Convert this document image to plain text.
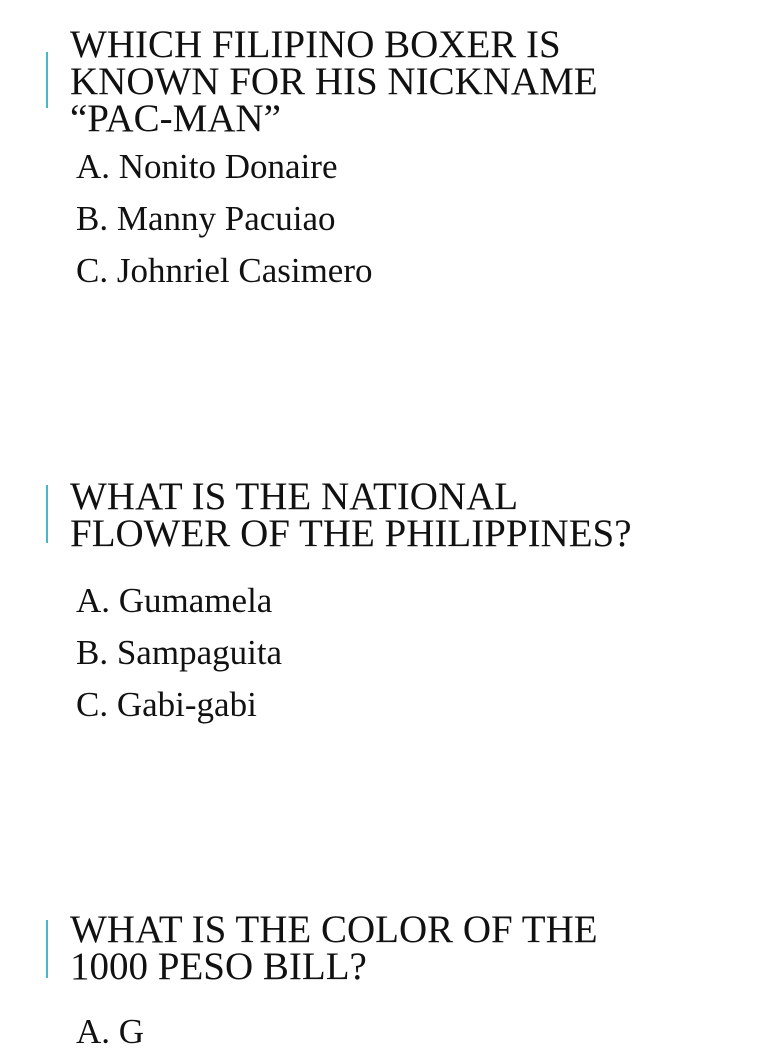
WHICH FILIPINO BOXER IS
KNOWN FOR HIS NICKNAME
“PAC-MAN”
A. Nonito Donaire
B. Manny Pacuiao
C. Johnriel Casimero
WHAT IS THE NATIONAL
FLOWER OF THE PHILIPPINES?
A. Gumamela
B. Sampaguita
C. Gabi-gabi
WHAT IS THE COLOR OF THE
1000 PESO BILL?
A. G
